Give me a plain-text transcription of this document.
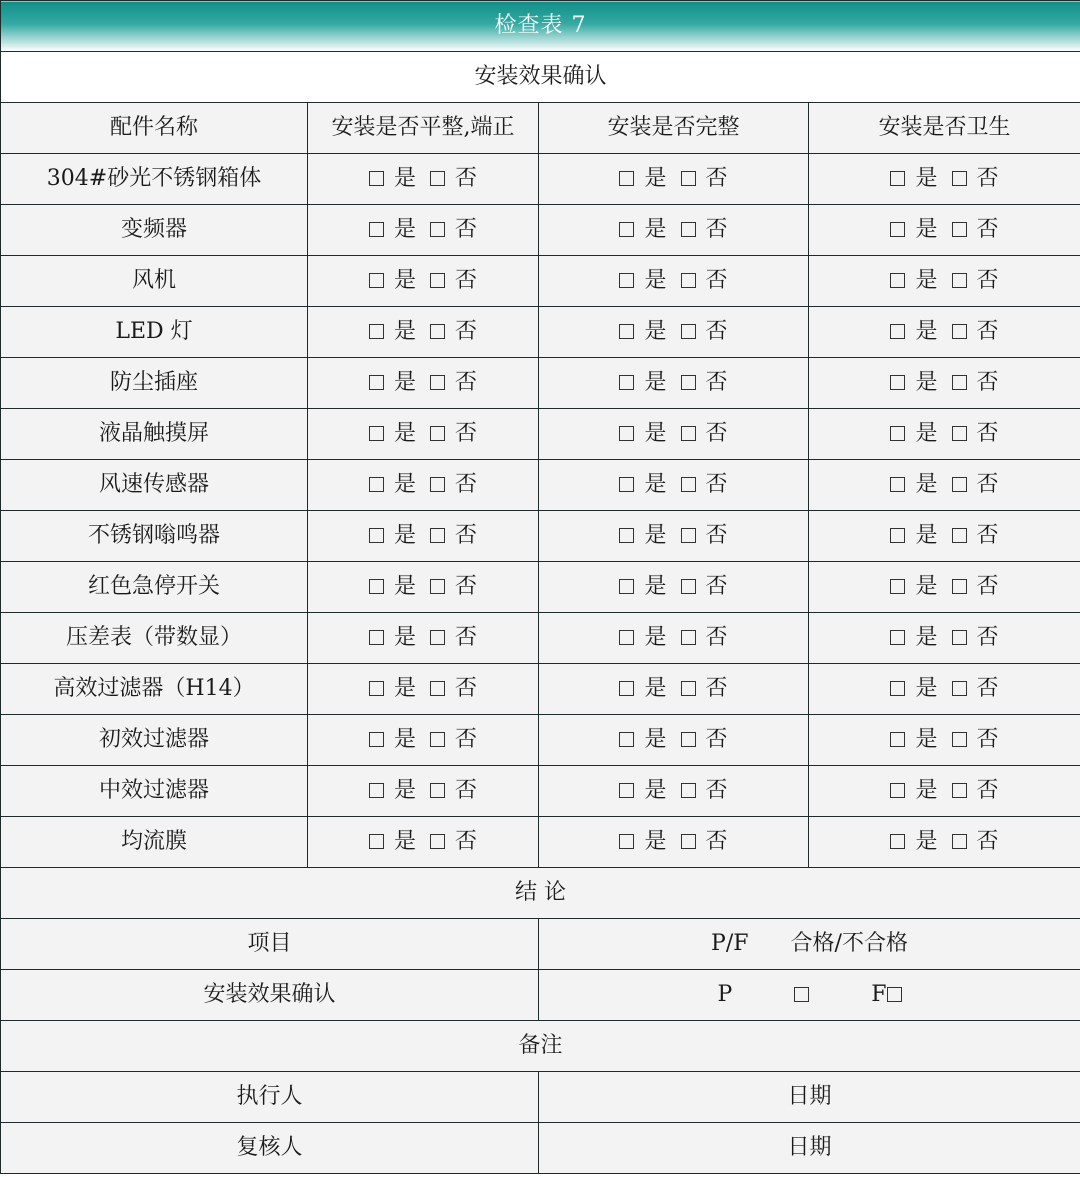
检查表 7			
安装效果确认			
配件名称	安装是否平整,端正	安装是否完整	安装是否卫生
304#砂光不锈钢箱体	是 否	是 否	是 否
变频器	是 否	是 否	是 否
风机	是 否	是 否	是 否
LED 灯	是 否	是 否	是 否
防尘插座	是 否	是 否	是 否
液晶触摸屏	是 否	是 否	是 否
风速传感器	是 否	是 否	是 否
不锈钢嗡鸣器	是 否	是 否	是 否
红色急停开关	是 否	是 否	是 否
压差表（带数显）	是 否	是 否	是 否
高效过滤器（H14）	是 否	是 否	是 否
初效过滤器	是 否	是 否	是 否
中效过滤器	是 否	是 否	是 否
均流膜	是 否	是 否	是 否
结 论			
项目		P/F 合格/不合格	
安装效果确认		P F	
备注			
执行人		日期	
复核人		日期	
